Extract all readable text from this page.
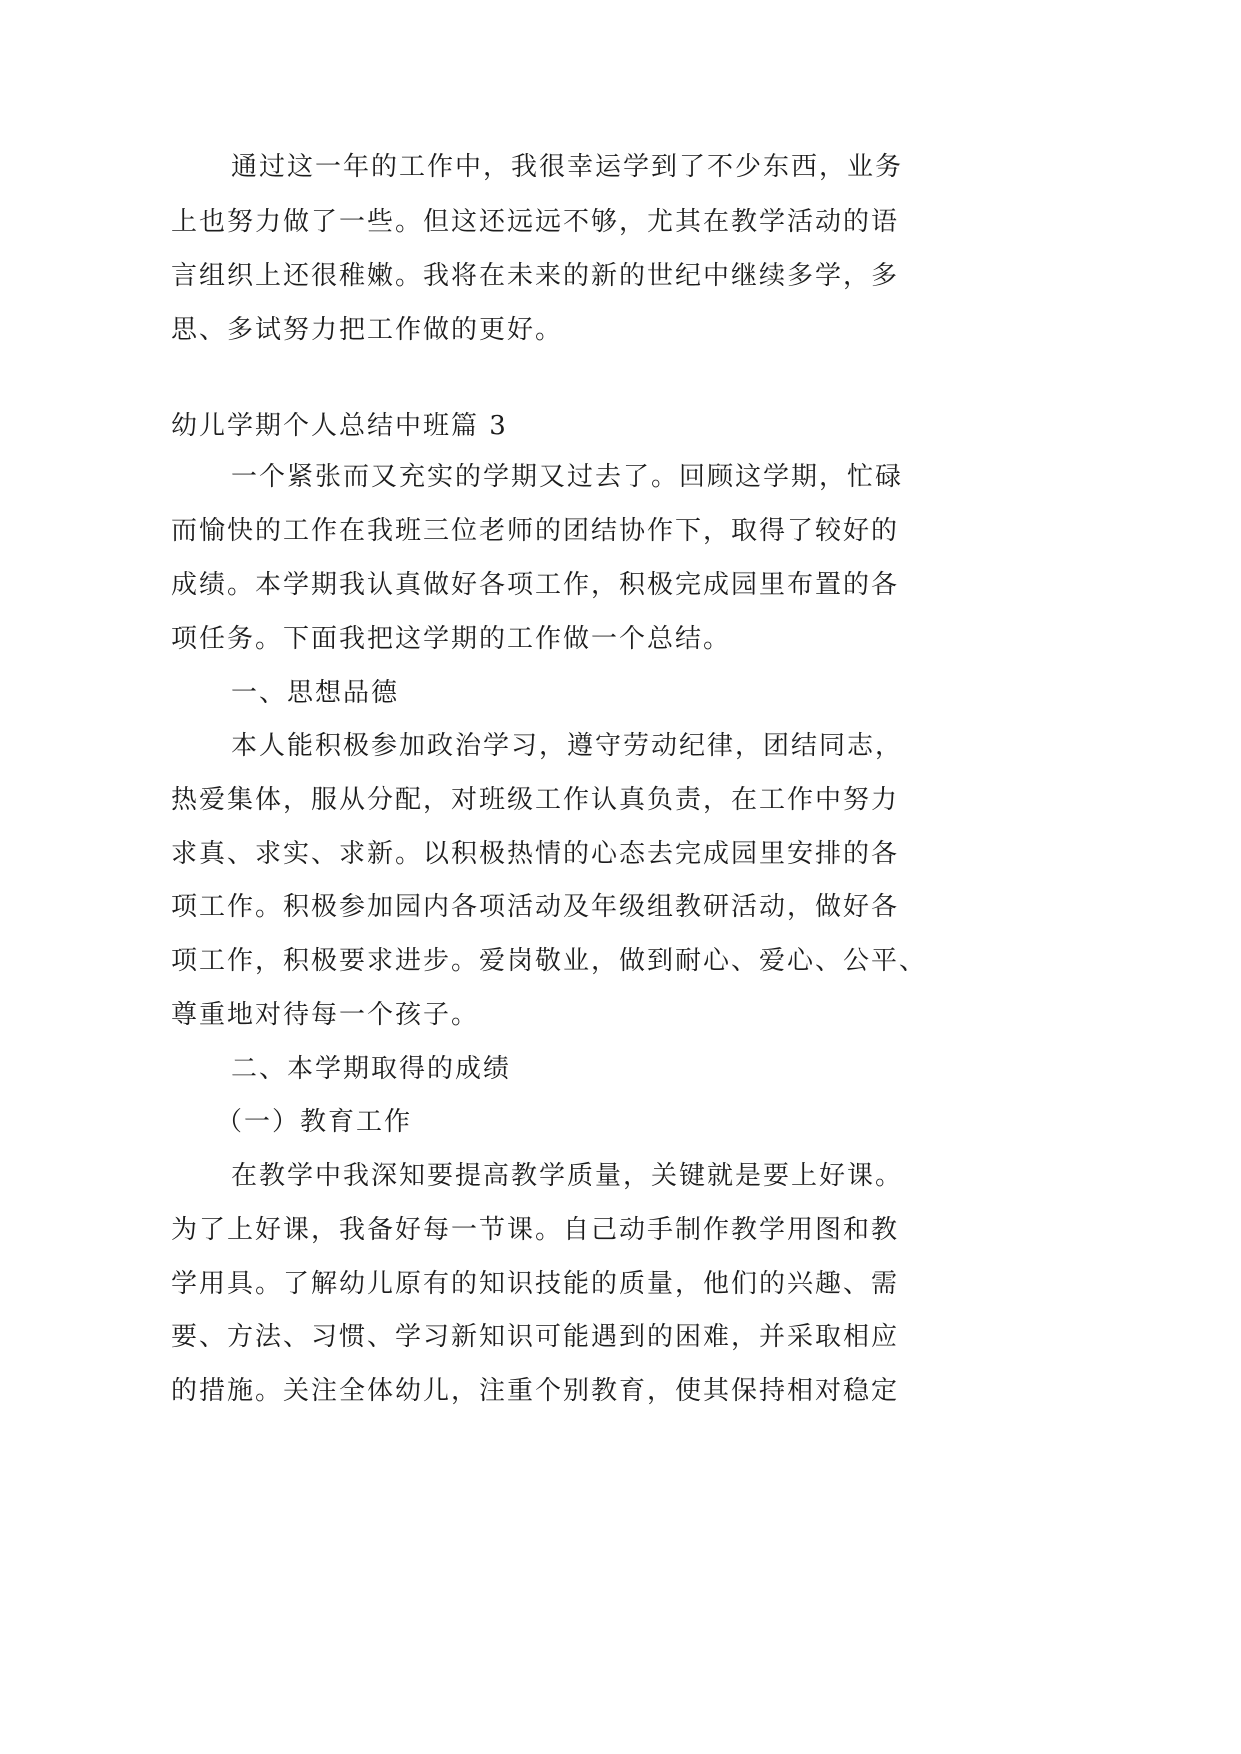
通过这一年的工作中，我很幸运学到了不少东西，业务

上也努力做了一些。但这还远远不够，尤其在教学活动的语

言组织上还很稚嫩。我将在未来的新的世纪中继续多学，多

思、多试努力把工作做的更好。

幼儿学期个人总结中班篇 3

一个紧张而又充实的学期又过去了。回顾这学期，忙碌

而愉快的工作在我班三位老师的团结协作下，取得了较好的

成绩。本学期我认真做好各项工作，积极完成园里布置的各

项任务。下面我把这学期的工作做一个总结。

一、思想品德

本人能积极参加政治学习，遵守劳动纪律，团结同志，

热爱集体，服从分配，对班级工作认真负责，在工作中努力

求真、求实、求新。以积极热情的心态去完成园里安排的各

项工作。积极参加园内各项活动及年级组教研活动，做好各

项工作，积极要求进步。爱岗敬业，做到耐心、爱心、公平、

尊重地对待每一个孩子。

二、本学期取得的成绩

（一）教育工作

在教学中我深知要提高教学质量，关键就是要上好课。

为了上好课，我备好每一节课。自己动手制作教学用图和教

学用具。了解幼儿原有的知识技能的质量，他们的兴趣、需

要、方法、习惯、学习新知识可能遇到的困难，并采取相应

的措施。关注全体幼儿，注重个别教育，使其保持相对稳定
